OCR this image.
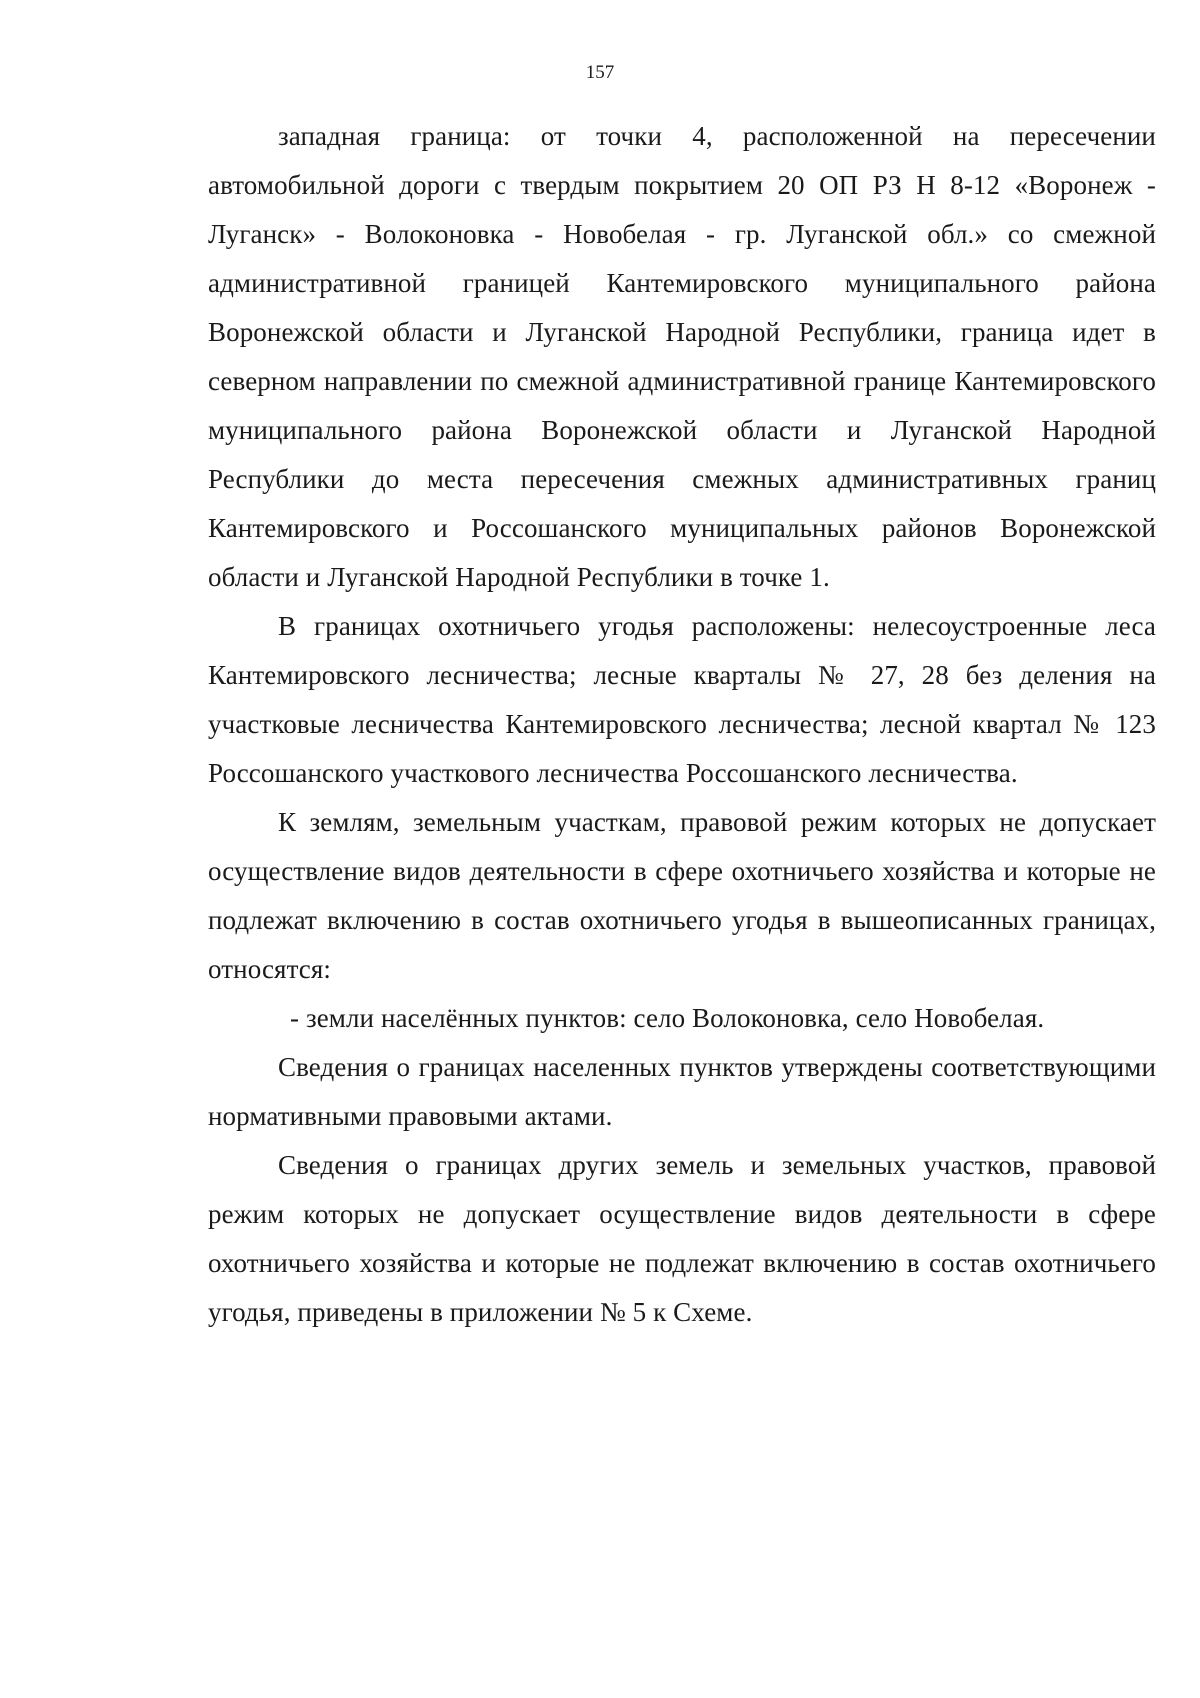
157

западная граница: от точки 4, расположенной на пересечении автомобильной дороги с твердым покрытием 20 ОП РЗ Н 8-12 «Воронеж - Луганск» - Волоконовка - Новобелая - гр. Луганской обл.» со смежной административной границей Кантемировского муниципального района Воронежской области и Луганской Народной Республики, граница идет в северном направлении по смежной административной границе Кантемировского муниципального района Воронежской области и Луганской Народной Республики до места пересечения смежных административных границ Кантемировского и Россошанского муниципальных районов Воронежской области и Луганской Народной Республики в точке 1.

В границах охотничьего угодья расположены: нелесоустроенные леса Кантемировского лесничества; лесные кварталы № 27, 28 без деления на участковые лесничества Кантемировского лесничества; лесной квартал № 123 Россошанского участкового лесничества Россошанского лесничества.

К землям, земельным участкам, правовой режим которых не допускает осуществление видов деятельности в сфере охотничьего хозяйства и которые не подлежат включению в состав охотничьего угодья в вышеописанных границах, относятся:

- земли населённых пунктов: село Волоконовка, село Новобелая.

Сведения о границах населенных пунктов утверждены соответствующими нормативными правовыми актами.

Сведения о границах других земель и земельных участков, правовой режим которых не допускает осуществление видов деятельности в сфере охотничьего хозяйства и которые не подлежат включению в состав охотничьего угодья, приведены в приложении № 5 к Схеме.
